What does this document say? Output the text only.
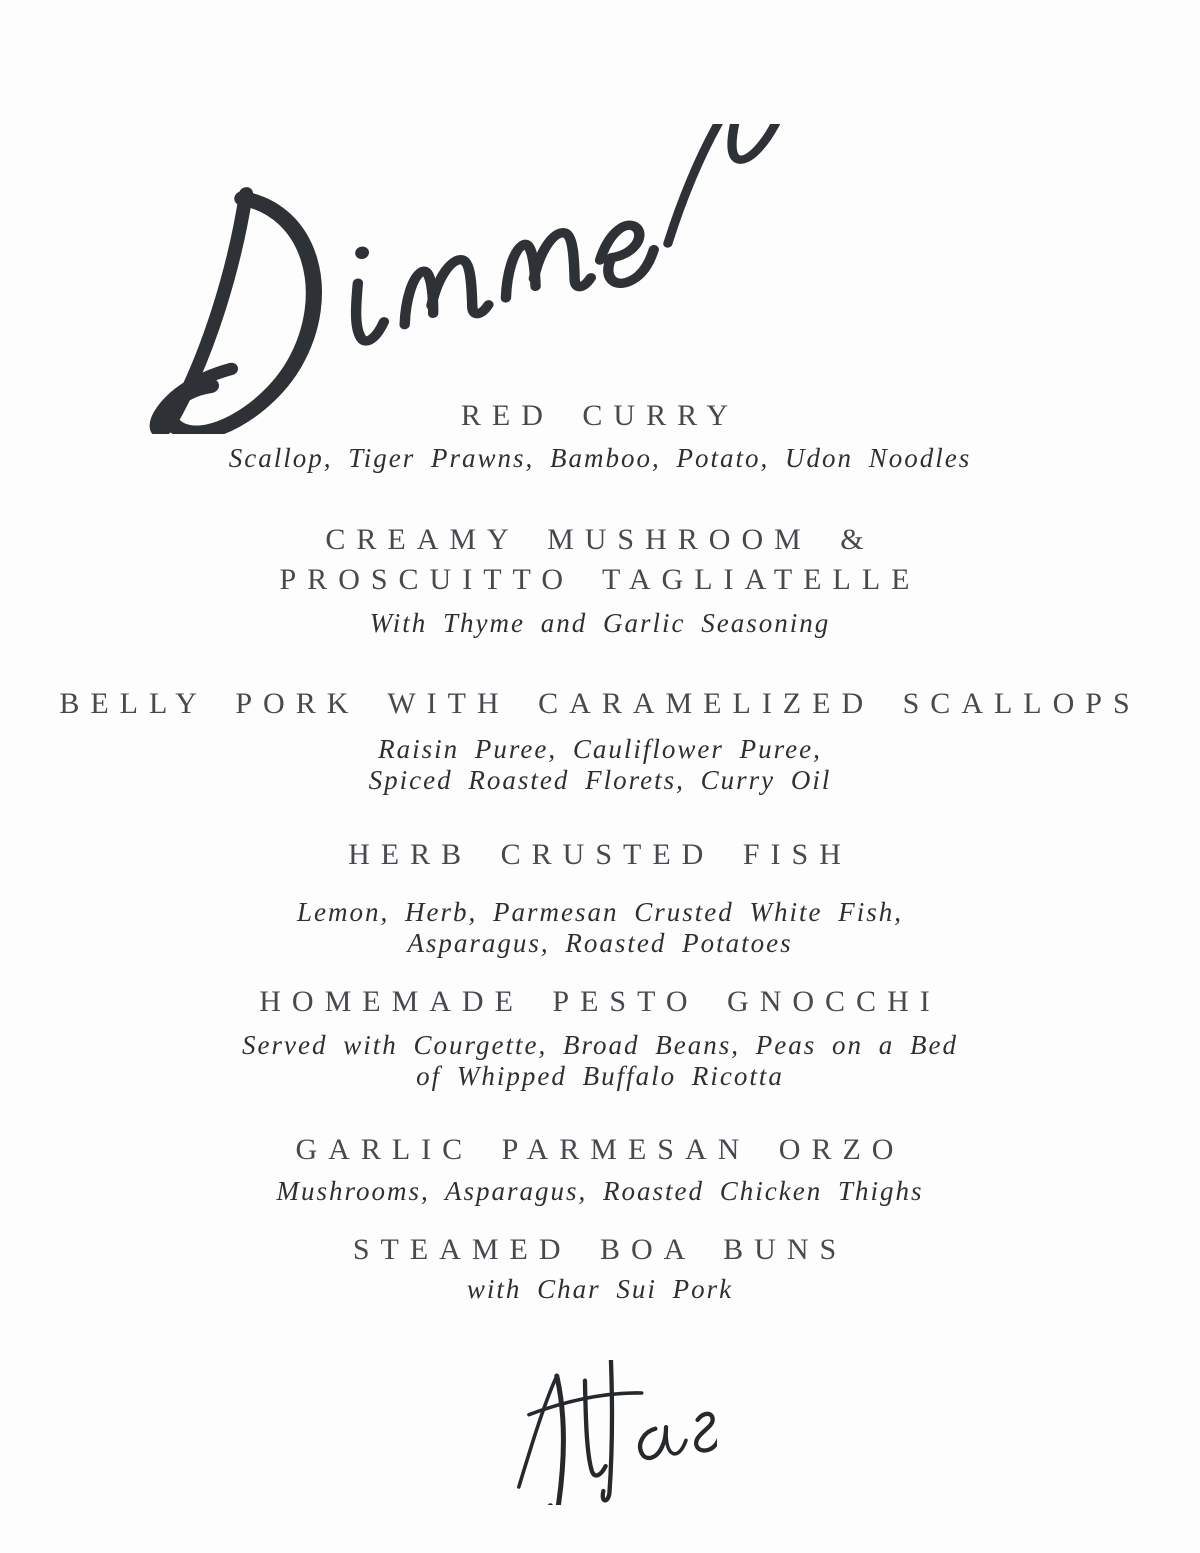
RED CURRY

Scallop, Tiger Prawns, Bamboo, Potato, Udon Noodles

CREAMY MUSHROOM &
PROSCUITTO TAGLIATELLE

With Thyme and Garlic Seasoning

BELLY PORK WITH CARAMELIZED SCALLOPS

Raisin Puree, Cauliflower Puree,
Spiced Roasted Florets, Curry Oil

HERB CRUSTED FISH

Lemon, Herb, Parmesan Crusted White Fish,
Asparagus, Roasted Potatoes

HOMEMADE PESTO GNOCCHI

Served with Courgette, Broad Beans, Peas on a Bed
of Whipped Buffalo Ricotta

GARLIC PARMESAN ORZO

Mushrooms, Asparagus, Roasted Chicken Thighs

STEAMED BOA BUNS

with Char Sui Pork
